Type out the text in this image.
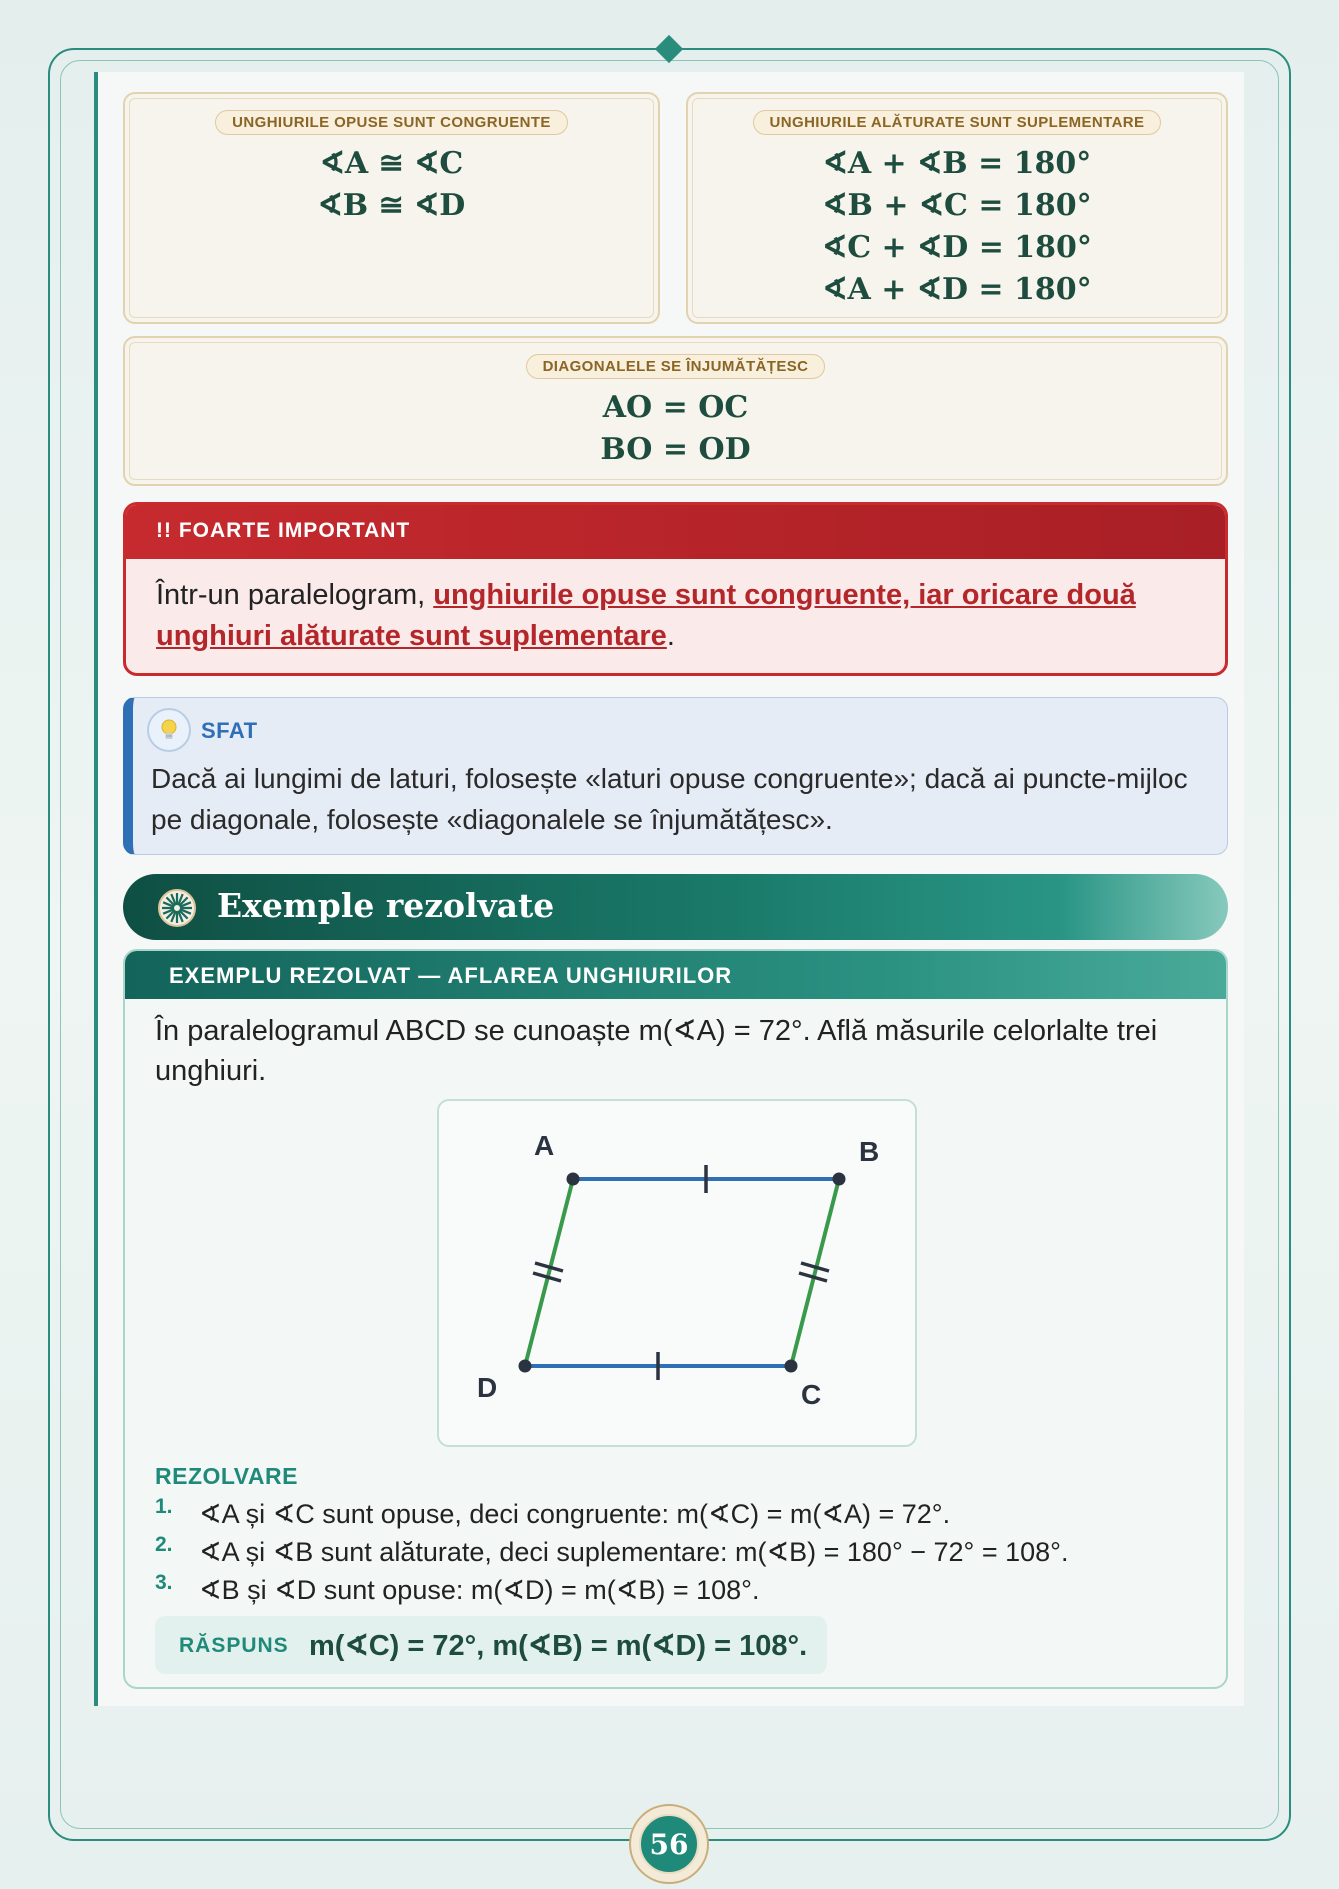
UNGHIURILE OPUSE SUNT CONGRUENTE
∢A ≅ ∢C
∢B ≅ ∢D
UNGHIURILE ALĂTURATE SUNT SUPLEMENTARE
∢A + ∢B = 180°
∢B + ∢C = 180°
∢C + ∢D = 180°
∢A + ∢D = 180°
DIAGONALELE SE ÎNJUMĂTĂȚESC
AO = OC
BO = OD
!! FOARTE IMPORTANT
Într-un paralelogram, unghiurile opuse sunt congruente, iar oricare două unghiuri alăturate sunt suplementare.
SFAT
Dacă ai lungimi de laturi, folosește «laturi opuse congruente»; dacă ai puncte-mijloc pe diagonale, folosește «diagonalele se înjumătățesc».
Exemple rezolvate
EXEMPLU REZOLVAT — AFLAREA UNGHIURILOR
În paralelogramul ABCD se cunoaște m(∢A) = 72°. Află măsurile celorlalte trei unghiuri.
A	B
C
D
REZOLVARE
1. ∢A și ∢C sunt opuse, deci congruente: m(∢C) = m(∢A) = 72°.
2. ∢A și ∢B sunt alăturate, deci suplementare: m(∢B) = 180° − 72° = 108°.
3. ∢B și ∢D sunt opuse: m(∢D) = m(∢B) = 108°.
RĂSPUNS m(∢C) = 72°, m(∢B) = m(∢D) = 108°.
56
